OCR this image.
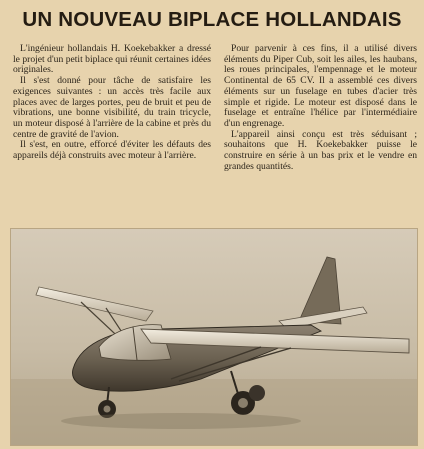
UN NOUVEAU BIPLACE HOLLANDAIS

L'ingénieur hollandais H. Koekebakker a dressé le projet d'un petit biplace qui réunit certaines idées originales.

Il s'est donné pour tâche de satisfaire les exigences suivantes : un accès très facile aux places avec de larges portes, peu de bruit et peu de vibrations, une bonne visibilité, du train tricycle, un moteur disposé à l'arrière de la cabine et près du centre de gravité de l'avion.

Il s'est, en outre, efforcé d'éviter les défauts des appareils déjà construits avec moteur à l'arrière.

Pour parvenir à ces fins, il a utilisé divers éléments du Piper Cub, soit les ailes, les haubans, les roues principales, l'empennage et le moteur Continental de 65 CV. Il a assemblé ces divers éléments sur un fuselage en tubes d'acier très simple et rigide. Le moteur est disposé dans le fuselage et entraîne l'hélice par l'intermédiaire d'un engrenage.

L'appareil ainsi conçu est très séduisant ; souhaitons que H. Koekebakker puisse le construire en série à un bas prix et le vendre en grandes quantités.
